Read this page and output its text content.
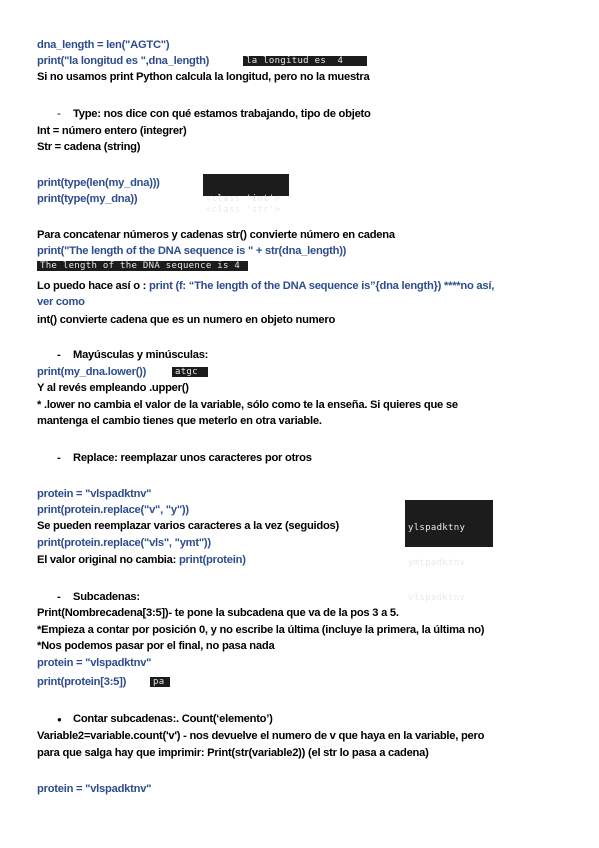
dna_length = len("AGTC")
print("la longitud es ",dna_length)	la longitud es  4
Si no usamos print Python calcula la longitud, pero no la muestra
- Type: nos dice con qué estamos trabajando, tipo de objeto
Int = número entero (integrer)
Str = cadena (string)
print(type(len(my_dna)))
print(type(my_dna))

	<class 'int'>
<class 'str'>

Para concatenar números y cadenas str() convierte número en cadena
print("The length of the DNA sequence is " + str(dna_length))
The length of the DNA sequence is 4
Lo puedo hace así o : print (f: “The length of the DNA sequence is”{dna length}) ****no así,
ver como
int() convierte cadena que es un numero en objeto numero
- Mayúsculas y minúsculas:
print(my_dna.lower())	atgc
Y al revés empleando .upper()
* .lower no cambia el valor de la variable, sólo como te la enseña. Si quieres que se
mantenga el cambio tienes que meterlo en otra variable.
- Replace: reemplazar unos caracteres por otros
protein = "vlspadktnv"
print(protein.replace("v", "y"))
Se pueden reemplazar varios caracteres a la vez (seguidos)
print(protein.replace("vls", "ymt"))
El valor original no cambia: print(protein)

ylspadktny

ymtpadktnv

vlspadktnv

- Subcadenas:
Print(Nombrecadena[3:5])- te pone la subcadena que va de la pos 3 a 5.
*Empieza a contar por posición 0, y no escribe la última (incluye la primera, la última no)
*Nos podemos pasar por el final, no pasa nada
protein = "vlspadktnv"
print(protein[3:5])	pa
● Contar subcadenas:. Count(‘elemento’)
Variable2=variable.count('v') - nos devuelve el numero de v que haya en la variable, pero
para que salga hay que imprimir: Print(str(variable2)) (el str lo pasa a cadena)
protein = "vlspadktnv"
